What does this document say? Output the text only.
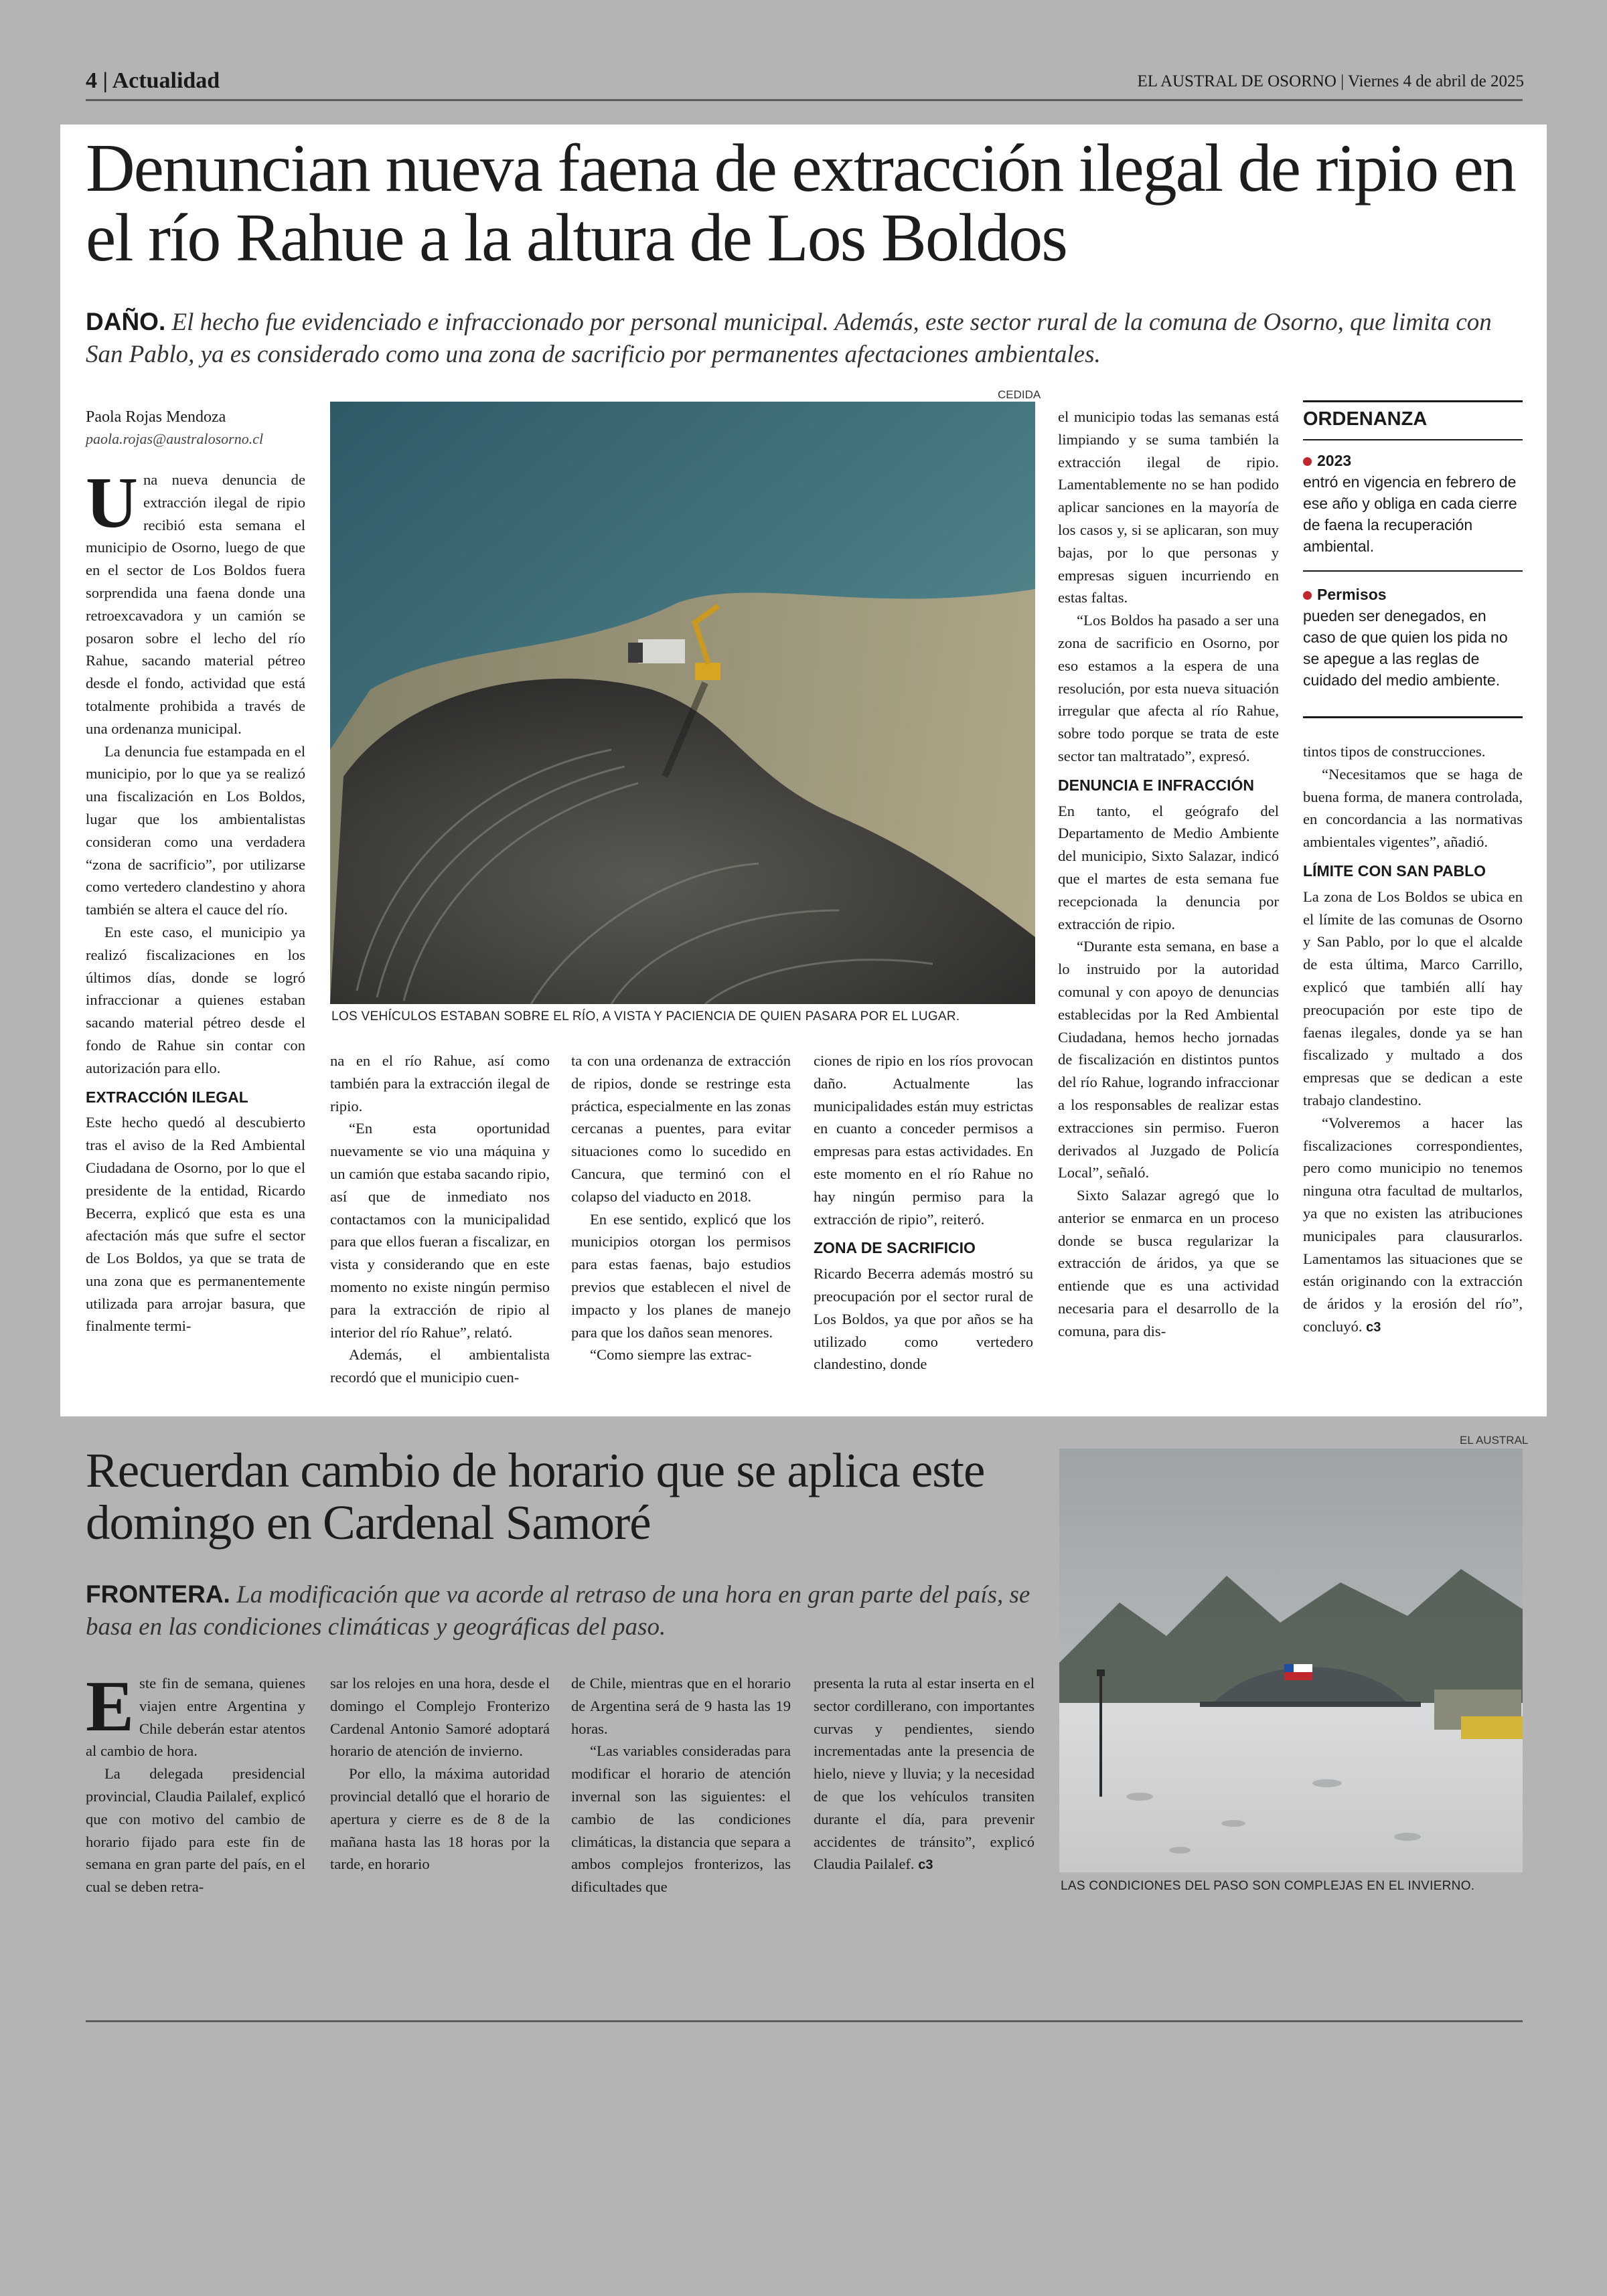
4 | Actualidad	EL AUSTRAL DE OSORNO | Viernes 4 de abril de 2025
Denuncian nueva faena de extracción ilegal de ripio en el río Rahue a la altura de Los Boldos
DAÑO. El hecho fue evidenciado e infraccionado por personal municipal. Además, este sector rural de la comuna de Osorno, que limita con San Pablo, ya es considerado como una zona de sacrificio por permanentes afectaciones ambientales.
Paola Rojas Mendoza
paola.rojas@australosorno.cl
U na nueva denuncia de extracción ilegal de ripio recibió esta semana el municipio de Osorno, luego de que en el sector de Los Boldos fuera sorprendida una faena donde una retroexcavadora y un camión se posaron sobre el lecho del río Rahue, sacando material pétreo desde el fondo, actividad que está totalmente prohibida a través de una ordenanza municipal.

La denuncia fue estampada en el municipio, por lo que ya se realizó una fiscalización en Los Boldos, lugar que los ambientalistas consideran como una verdadera “zona de sacrificio”, por utilizarse como vertedero clandestino y ahora también se altera el cauce del río.

En este caso, el municipio ya realizó fiscalizaciones en los últimos días, donde se logró infraccionar a quienes estaban sacando material pétreo desde el fondo de Rahue sin contar con autorización para ello.

EXTRACCIÓN ILEGAL

Este hecho quedó al descubierto tras el aviso de la Red Ambiental Ciudadana de Osorno, por lo que el presidente de la entidad, Ricardo Becerra, explicó que esta es una afectación más que sufre el sector de Los Boldos, ya que se trata de una zona que es permanentemente utilizada para arrojar basura, que finalmente termi-

CEDIDA
LOS VEHÍCULOS ESTABAN SOBRE EL RÍO, A VISTA Y PACIENCIA DE QUIEN PASARA POR EL LUGAR.

na en el río Rahue, así como también para la extracción ilegal de ripio.

“En esta oportunidad nuevamente se vio una máquina y un camión que estaba sacando ripio, así que de inmediato nos contactamos con la municipalidad para que ellos fueran a fiscalizar, en vista y considerando que en este momento no existe ningún permiso para la extracción de ripio al interior del río Rahue”, relató.

Además, el ambientalista recordó que el municipio cuen-

ta con una ordenanza de extracción de ripios, donde se restringe esta práctica, especialmente en las zonas cercanas a puentes, para evitar situaciones como lo sucedido en Cancura, que terminó con el colapso del viaducto en 2018.

En ese sentido, explicó que los municipios otorgan los permisos para estas faenas, bajo estudios previos que establecen el nivel de impacto y los planes de manejo para que los daños sean menores.

“Como siempre las extrac-

ciones de ripio en los ríos provocan daño. Actualmente las municipalidades están muy estrictas en cuanto a conceder permisos a empresas para estas actividades. En este momento en el río Rahue no hay ningún permiso para la extracción de ripio”, reiteró.

ZONA DE SACRIFICIO

Ricardo Becerra además mostró su preocupación por el sector rural de Los Boldos, ya que por años se ha utilizado como vertedero clandestino, donde

el municipio todas las semanas está limpiando y se suma también la extracción ilegal de ripio. Lamentablemente no se han podido aplicar sanciones en la mayoría de los casos y, si se aplicaran, son muy bajas, por lo que personas y empresas siguen incurriendo en estas faltas.

“Los Boldos ha pasado a ser una zona de sacrificio en Osorno, por eso estamos a la espera de una resolución, por esta nueva situación irregular que afecta al río Rahue, sobre todo porque se trata de este sector tan maltratado”, expresó.

DENUNCIA E INFRACCIÓN

En tanto, el geógrafo del Departamento de Medio Ambiente del municipio, Sixto Salazar, indicó que el martes de esta semana fue recepcionada la denuncia por extracción de ripio.

“Durante esta semana, en base a lo instruido por la autoridad comunal y con apoyo de denuncias establecidas por la Red Ambiental Ciudadana, hemos hecho jornadas de fiscalización en distintos puntos del río Rahue, logrando infraccionar a los responsables de realizar estas extracciones sin permiso. Fueron derivados al Juzgado de Policía Local”, señaló.

Sixto Salazar agregó que lo anterior se enmarca en un proceso donde se busca regularizar la extracción de áridos, ya que se entiende que es una actividad necesaria para el desarrollo de la comuna, para dis-

ORDENANZA
2023
entró en vigencia en febrero de ese año y obliga en cada cierre de faena la recuperación ambiental.
Permisos
pueden ser denegados, en caso de que quien los pida no se apegue a las reglas de cuidado del medio ambiente.

tintos tipos de construcciones.

“Necesitamos que se haga de buena forma, de manera controlada, en concordancia a las normativas ambientales vigentes”, añadió.

LÍMITE CON SAN PABLO

La zona de Los Boldos se ubica en el límite de las comunas de Osorno y San Pablo, por lo que el alcalde de esta última, Marco Carrillo, explicó que también allí hay preocupación por este tipo de faenas ilegales, donde ya se han fiscalizado y multado a dos empresas que se dedican a este trabajo clandestino.

“Volveremos a hacer las fiscalizaciones correspondientes, pero como municipio no tenemos ninguna otra facultad de multarlos, ya que no existen las atribuciones municipales para clausurarlos. Lamentamos las situaciones que se están originando con la extracción de áridos y la erosión del río”, concluyó. c3

Recuerdan cambio de horario que se aplica este domingo en Cardenal Samoré
FRONTERA. La modificación que va acorde al retraso de una hora en gran parte del país, se basa en las condiciones climáticas y geográficas del paso.
E ste fin de semana, quienes viajen entre Argentina y Chile deberán estar atentos al cambio de hora.

La delegada presidencial provincial, Claudia Pailalef, explicó que con motivo del cambio de horario fijado para este fin de semana en gran parte del país, en el cual se deben retra-

sar los relojes en una hora, desde el domingo el Complejo Fronterizo Cardenal Antonio Samoré adoptará horario de atención de invierno.

Por ello, la máxima autoridad provincial detalló que el horario de apertura y cierre es de 8 de la mañana hasta las 18 horas por la tarde, en horario

de Chile, mientras que en el horario de Argentina será de 9 hasta las 19 horas.

“Las variables consideradas para modificar el horario de atención invernal son las siguientes: el cambio de las condiciones climáticas, la distancia que separa a ambos complejos fronterizos, las dificultades que

presenta la ruta al estar inserta en el sector cordillerano, con importantes curvas y pendientes, siendo incrementadas ante la presencia de hielo, nieve y lluvia; y la necesidad de que los vehículos transiten durante el día, para prevenir accidentes de tránsito”, explicó Claudia Pailalef. c3

EL AUSTRAL
LAS CONDICIONES DEL PASO SON COMPLEJAS EN EL INVIERNO.
